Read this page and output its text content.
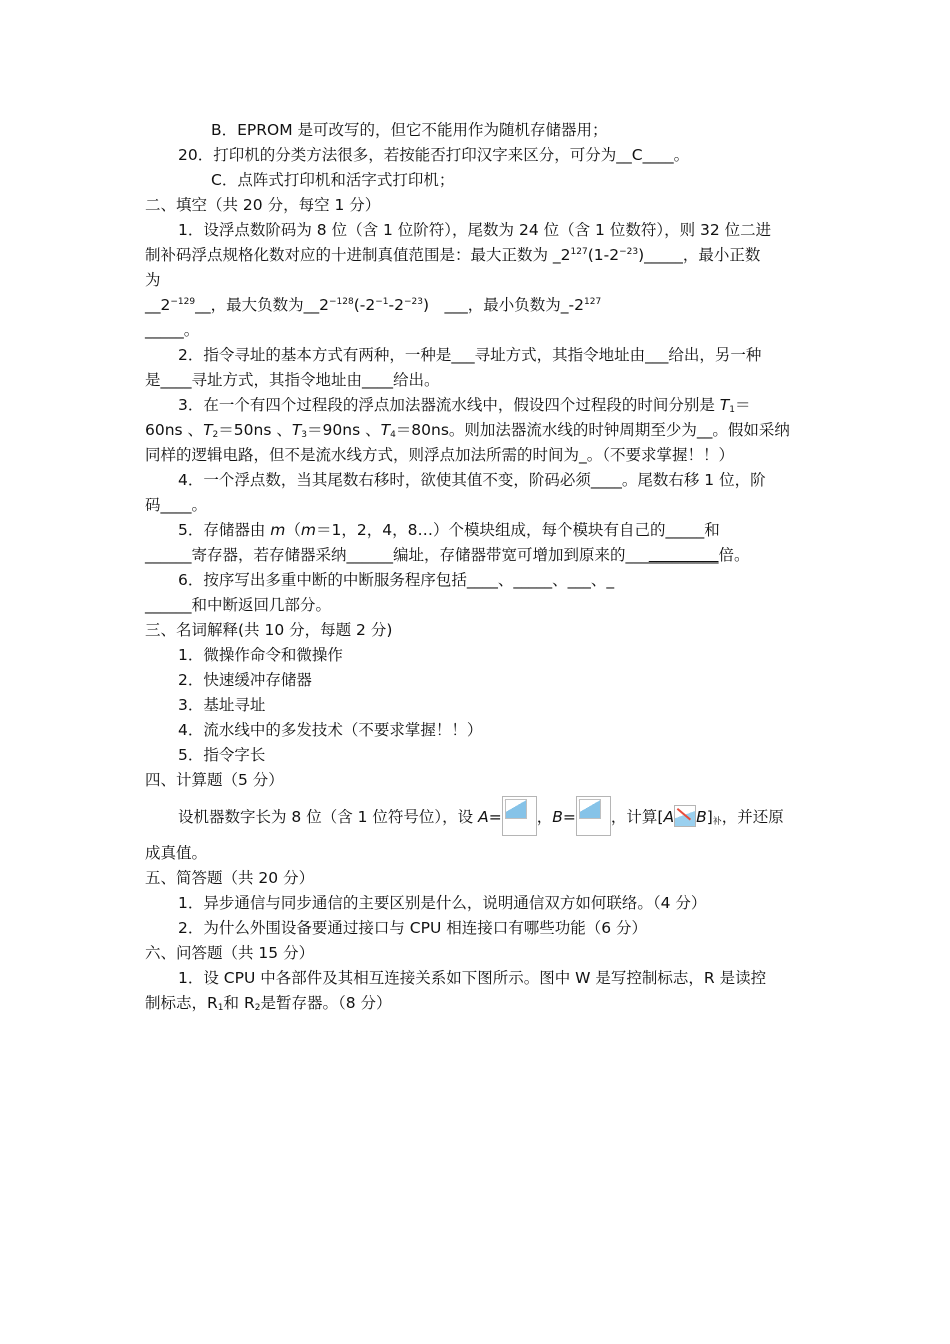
B．EPROM 是可改写的，但它不能用作为随机存储器用；
20．打印机的分类方法很多，若按能否打印汉字来区分，可分为__C____。
C．点阵式打印机和活字式打印机；
二、填空（共 20 分，每空 1 分）
1．设浮点数阶码为 8 位（含 1 位阶符），尾数为 24 位（含 1 位数符），则 32 位二进
制补码浮点规格化数对应的十进制真值范围是：最大正数为 $\_2^{127}(1-2^{-23})\_\_\_\_\_$，最小正数
为
$\_\_2^{-129}\_\_$，最大负数为$\_\_2^{-128}(-2^{-1}-2^{-23})$　___，最小负数为$\_-2^{127}$
_____。
2．指令寻址的基本方式有两种，一种是___寻址方式，其指令地址由___给出，另一种
是____寻址方式，其指令地址由____给出。
3．在一个有四个过程段的浮点加法器流水线中，假设四个过程段的时间分别是 $T_1=$
60ns 、$T_2=50ns$ 、$T_3=90ns$ 、$T_4=80ns$。则加法器流水线的时钟周期至少为__。假如采纳
同样的逻辑电路，但不是流水线方式，则浮点加法所需的时间为_。（不要求掌握！！）
4．一个浮点数，当其尾数右移时，欲使其值不变，阶码必须____。尾数右移 1 位，阶
码____。
5．存储器由 m（m＝1，2，4，8…）个模块组成，每个模块有自己的_____和
______寄存器，若存储器采纳______编址，存储器带宽可增加到原来的____________倍。
6．按序写出多重中断的中断服务程序包括____、_____、___、_
______和中断返回几部分。
三、名词解释(共 10 分，每题 2 分)
1．微操作命令和微操作
2．快速缓冲存储器
3．基址寻址
4．流水线中的多发技术（不要求掌握！！）
5．指令字长
四、计算题（5 分）
设机器数字长为 8 位（含 1 位符号位），设 A= ，B= ，计算[A $B]_补$，并还原
成真值。
五、简答题（共 20 分）
1．异步通信与同步通信的主要区别是什么，说明通信双方如何联络。（4 分）
2．为什么外围设备要通过接口与 CPU 相连接口有哪些功能（6 分）
六、问答题（共 15 分）
1．设 CPU 中各部件及其相互连接关系如下图所示。图中 W 是写控制标志，R 是读控
制标志，$R_1$和 $R_2$是暂存器。（8 分）
